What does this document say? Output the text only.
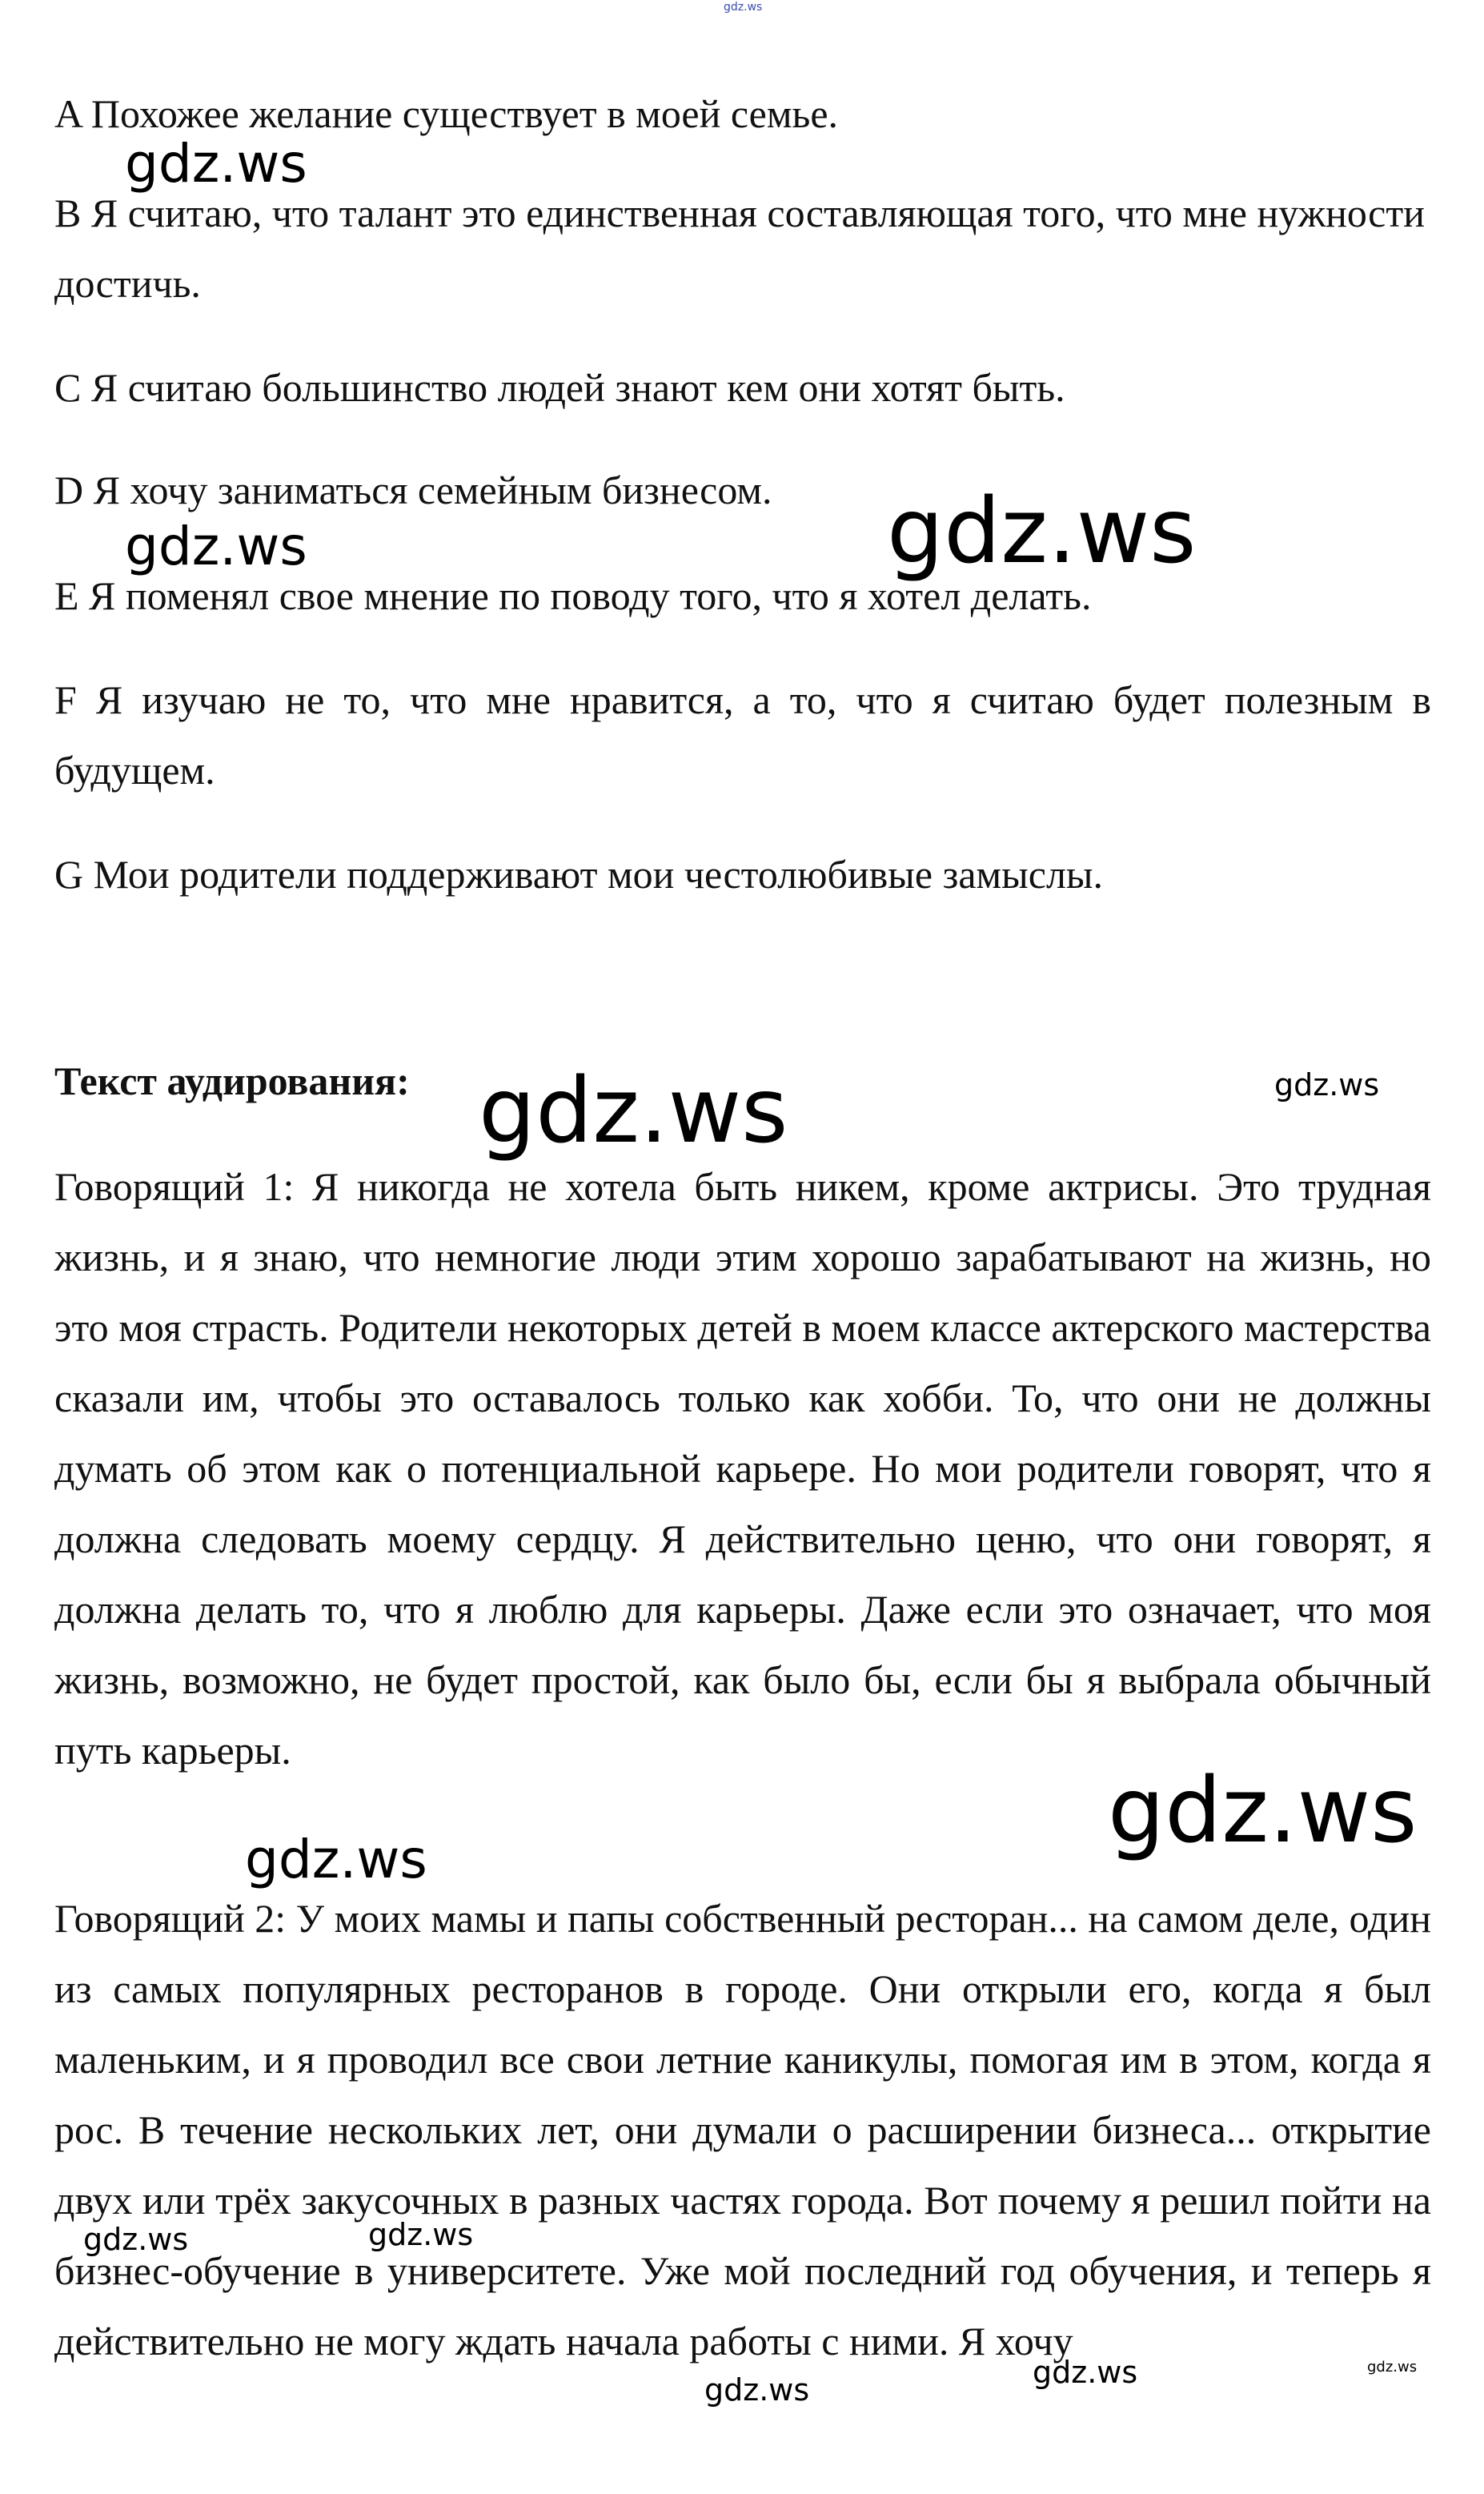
A Похожее желание существует в моей семье.

B Я считаю, что талант это единственная составляющая того, что мне нужности достичь.

C Я считаю большинство людей знают кем они хотят быть.

D Я хочу заниматься семейным бизнесом.

E Я поменял свое мнение по поводу того, что я хотел делать.

F Я изучаю не то, что мне нравится, а то, что я считаю будет полезным в будущем.

G Мои родители поддерживают мои честолюбивые замыслы.

Текст аудирования:

Говорящий 1: Я никогда не хотела быть никем, кроме актрисы. Это трудная жизнь, и я знаю, что немногие люди этим хорошо зарабатывают на жизнь, но это моя страсть. Родители некоторых детей в моем классе актерского мастерства сказали им, чтобы это оставалось только как хобби. То, что они не должны думать об этом как о потенциальной карьере. Но мои родители говорят, что я должна следовать моему сердцу. Я действительно ценю, что они говорят, я должна делать то, что я люблю для карьеры. Даже если это означает, что моя жизнь, возможно, не будет простой, как было бы, если бы я выбрала обычный путь карьеры.

Говорящий 2: У моих мамы и папы собственный ресторан... на самом деле, один из самых популярных ресторанов в городе. Они открыли его, когда я был маленьким, и я проводил все свои летние каникулы, помогая им в этом, когда я рос. В течение нескольких лет, они думали о расширении бизнеса... открытие двух или трёх закусочных в разных частях города. Вот почему я решил пойти на бизнес-обучение в университете. Уже мой последний год обучения, и теперь я действительно не могу ждать начала работы с ними. Я хочу

gdz.ws
gdz.ws
gdz.ws	gdz.ws
gdz.ws	gdz.ws
gdz.ws
gdz.ws
gdz.ws	gdz.ws
gdz.ws
gdz.ws
gdz.ws
